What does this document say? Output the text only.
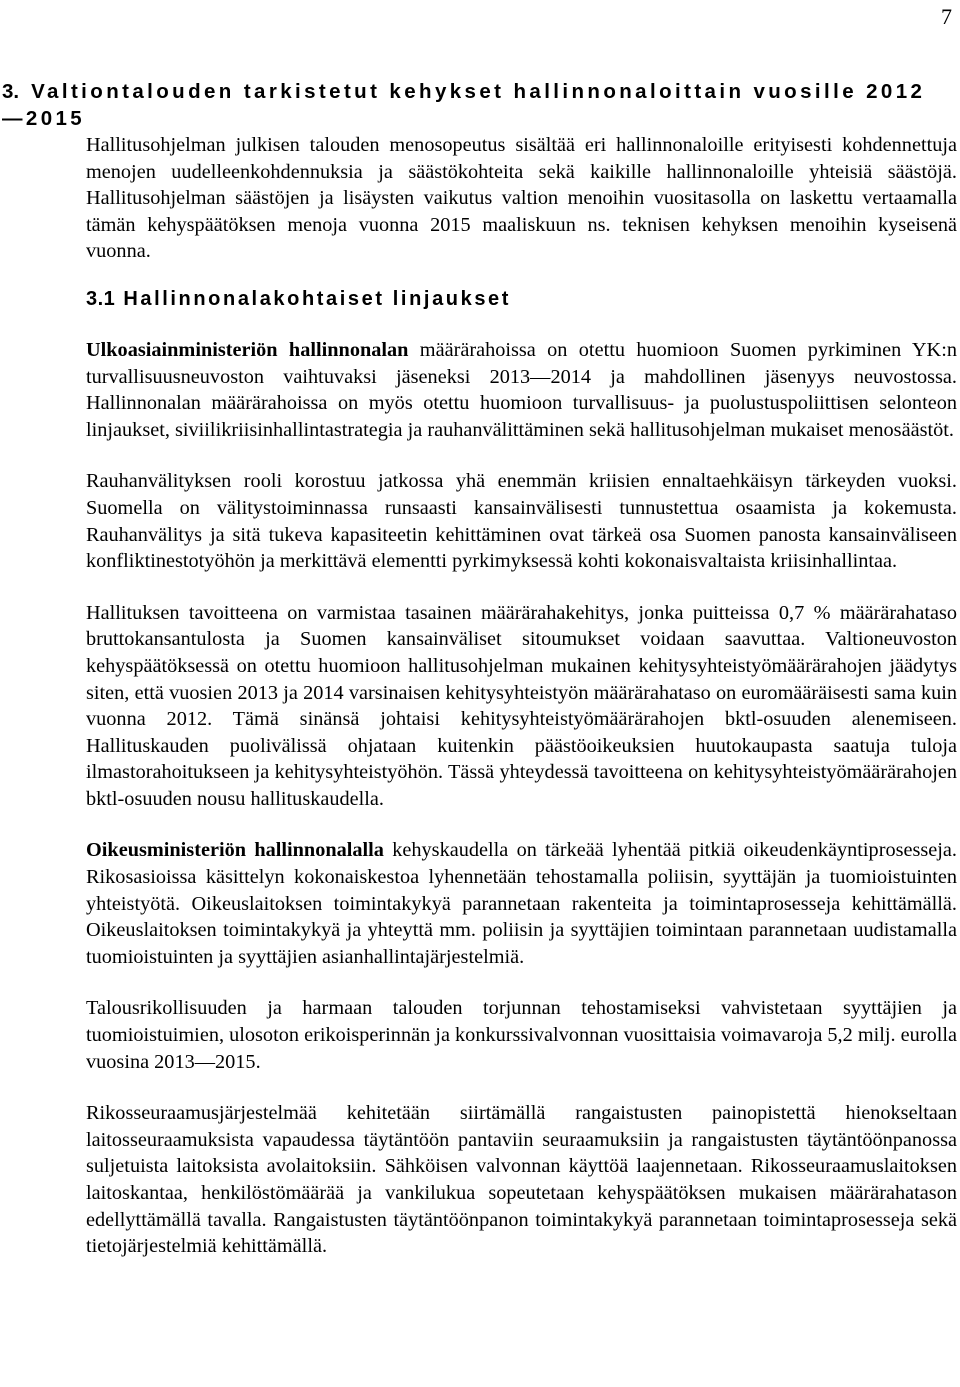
7
3. Valtiontalouden tarkistetut kehykset hallinnonaloittain vuosille 2012—2015

Hallitusohjelman julkisen talouden menosopeutus sisältää eri hallinnonaloille erityisesti kohdennettuja menojen uudelleenkohdennuksia ja säästökohteita sekä kaikille hallinnonaloille yhteisiä säästöjä. Hallitusohjelman säästöjen ja lisäysten vaikutus valtion menoihin vuositasolla on laskettu vertaamalla tämän kehyspäätöksen menoja vuonna 2015 maaliskuun ns. teknisen kehyksen menoihin kyseisenä vuonna.

3.1 Hallinnonalakohtaiset linjaukset

Ulkoasiainministeriön hallinnonalan määrärahoissa on otettu huomioon Suomen pyrkiminen YK:n turvallisuusneuvoston vaihtuvaksi jäseneksi 2013—2014 ja mahdollinen jäsenyys neuvostossa. Hallinnonalan määrärahoissa on myös otettu huomioon turvallisuus- ja puolustuspoliittisen selonteon linjaukset, siviilikriisinhallintastrategia ja rauhanvälittäminen sekä hallitusohjelman mukaiset menosäästöt.

Rauhanvälityksen rooli korostuu jatkossa yhä enemmän kriisien ennaltaehkäisyn tärkeyden vuoksi. Suomella on välitystoiminnassa runsaasti kansainvälisesti tunnustettua osaamista ja kokemusta. Rauhanvälitys ja sitä tukeva kapasiteetin kehittäminen ovat tärkeä osa Suomen panosta kansainväliseen konfliktinestotyöhön ja merkittävä elementti pyrkimyksessä kohti kokonaisvaltaista kriisinhallintaa.

Hallituksen tavoitteena on varmistaa tasainen määrärahakehitys, jonka puitteissa 0,7 % määrärahataso bruttokansantulosta ja Suomen kansainväliset sitoumukset voidaan saavuttaa. Valtioneuvoston kehyspäätöksessä on otettu huomioon hallitusohjelman mukainen kehitysyhteistyömäärärahojen jäädytys siten, että vuosien 2013 ja 2014 varsinaisen kehitysyhteistyön määrärahataso on euromääräisesti sama kuin vuonna 2012. Tämä sinänsä johtaisi kehitysyhteistyömäärärahojen bktl-osuuden alenemiseen. Hallituskauden puolivälissä ohjataan kuitenkin päästöoikeuksien huutokaupasta saatuja tuloja ilmastorahoitukseen ja kehitysyhteistyöhön. Tässä yhteydessä tavoitteena on kehitysyhteistyömäärärahojen bktl-osuuden nousu hallituskaudella.

Oikeusministeriön hallinnonalalla kehyskaudella on tärkeää lyhentää pitkiä oikeudenkäyntiprosesseja. Rikosasioissa käsittelyn kokonaiskestoa lyhennetään tehostamalla poliisin, syyttäjän ja tuomioistuinten yhteistyötä. Oikeuslaitoksen toimintakykyä parannetaan rakenteita ja toimintaprosesseja kehittämällä. Oikeuslaitoksen toimintakykyä ja yhteyttä mm. poliisin ja syyttäjien toimintaan parannetaan uudistamalla tuomioistuinten ja syyttäjien asianhallintajärjestelmiä.

Talousrikollisuuden ja harmaan talouden torjunnan tehostamiseksi vahvistetaan syyttäjien ja tuomioistuimien, ulosoton erikoisperinnän ja konkurssivalvonnan vuosittaisia voimavaroja 5,2 milj. eurolla vuosina 2013—2015.

Rikosseuraamusjärjestelmää kehitetään siirtämällä rangaistusten painopistettä hienokseltaan laitosseuraamuksista vapaudessa täytäntöön pantaviin seuraamuksiin ja rangaistusten täytäntöönpanossa suljetuista laitoksista avolaitoksiin. Sähköisen valvonnan käyttöä laajennetaan. Rikosseuraamuslaitoksen laitoskantaa, henkilöstömäärää ja vankilukua sopeutetaan kehyspäätöksen mukaisen määrärahatason edellyttämällä tavalla. Rangaistusten täytäntöönpanon toimintakykyä parannetaan toimintaprosesseja sekä tietojärjestelmiä kehittämällä.
